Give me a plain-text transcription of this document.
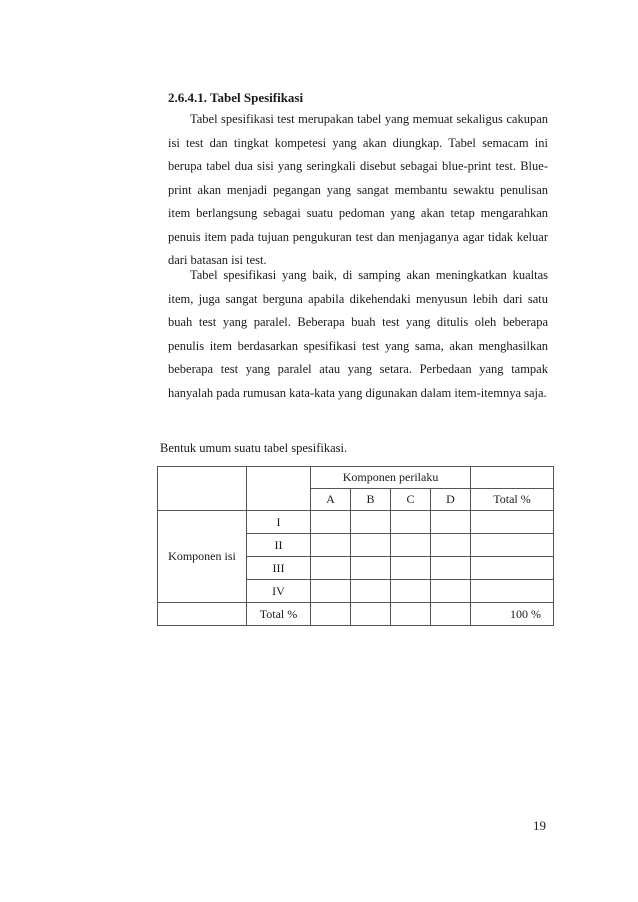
2.6.4.1. Tabel Spesifikasi

Tabel spesifikasi test merupakan tabel yang memuat sekaligus cakupan isi test dan tingkat kompetesi yang akan diungkap. Tabel semacam ini berupa tabel dua sisi yang seringkali disebut sebagai blue-print test. Blue-print akan menjadi pegangan yang sangat membantu sewaktu penulisan item berlangsung sebagai suatu pedoman yang akan tetap mengarahkan penuis item pada tujuan pengukuran test dan menjaganya agar tidak keluar dari batasan isi test.

Tabel spesifikasi yang baik, di samping akan meningkatkan kualtas item, juga sangat berguna apabila dikehendaki menyusun lebih dari satu buah test yang paralel. Beberapa buah test yang ditulis oleh beberapa penulis item berdasarkan spesifikasi test yang sama, akan menghasilkan beberapa test yang paralel atau yang setara. Perbedaan yang tampak hanyalah pada rumusan kata-kata yang digunakan dalam item-itemnya saja.

Bentuk umum suatu tabel spesifikasi.
		Komponen perilaku				
		A	B	C	D	Total %
Komponen isi	I					
	II					
	III					
	IV					
	Total %					100 %
19
